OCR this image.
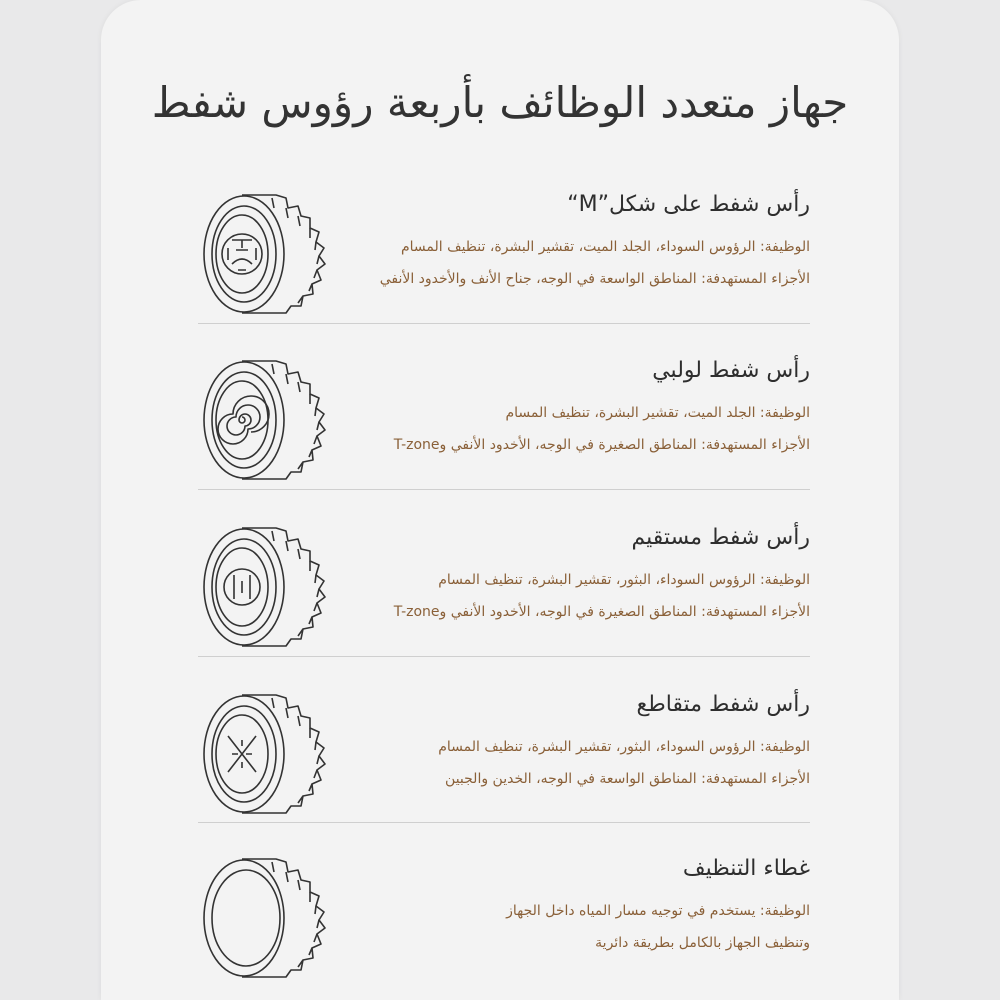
جهاز متعدد الوظائف بأربعة رؤوس شفط
رأس شفط على شكل”M“

الوظيفة: الرؤوس السوداء، الجلد الميت، تقشير البشرة، تنظيف المسام

الأجزاء المستهدفة: المناطق الواسعة في الوجه، جناح الأنف والأخدود الأنفي

رأس شفط لولبي

الوظيفة: الجلد الميت، تقشير البشرة، تنظيف المسام

الأجزاء المستهدفة: المناطق الصغيرة في الوجه، الأخدود الأنفي وT-zone

رأس شفط مستقيم

الوظيفة: الرؤوس السوداء، البثور، تقشير البشرة، تنظيف المسام

الأجزاء المستهدفة: المناطق الصغيرة في الوجه، الأخدود الأنفي وT-zone

رأس شفط متقاطع

الوظيفة: الرؤوس السوداء، البثور، تقشير البشرة، تنظيف المسام

الأجزاء المستهدفة: المناطق الواسعة في الوجه، الخدين والجبين

غطاء التنظيف

الوظيفة: يستخدم في توجيه مسار المياه داخل الجهاز

وتنظيف الجهاز بالكامل بطريقة دائرية
